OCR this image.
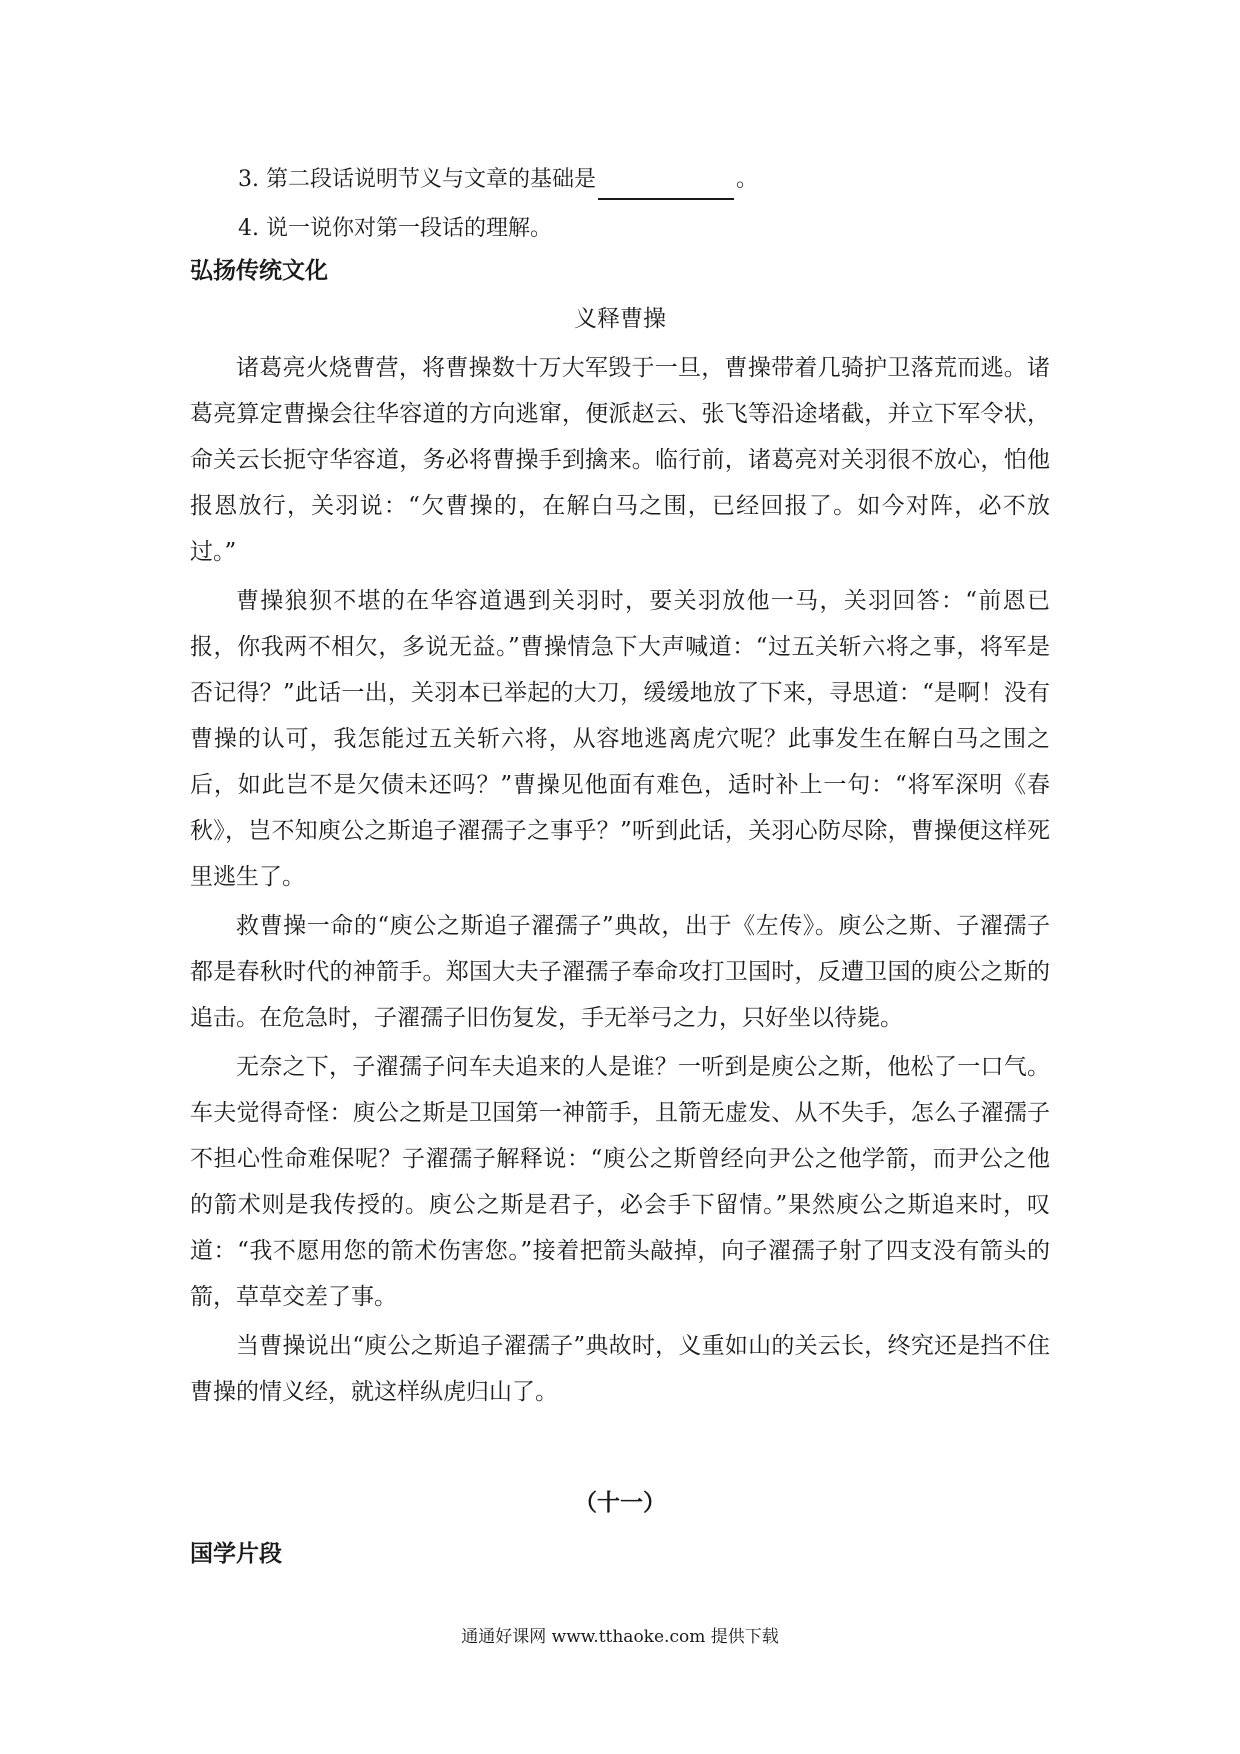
3. 第二段话说明节义与文章的基础是	。
4. 说一说你对第一段话的理解。
弘扬传统文化
义释曹操

诸葛亮火烧曹营，将曹操数十万大军毁于一旦，曹操带着几骑护卫落荒而逃。诸葛亮算定曹操会往华容道的方向逃窜，便派赵云、张飞等沿途堵截，并立下军令状，命关云长扼守华容道，务必将曹操手到擒来。临行前，诸葛亮对关羽很不放心，怕他报恩放行，关羽说：“欠曹操的，在解白马之围，已经回报了。如今对阵，必不放过。”

曹操狼狈不堪的在华容道遇到关羽时，要关羽放他一马，关羽回答：“前恩已报，你我两不相欠，多说无益。”曹操情急下大声喊道：“过五关斩六将之事，将军是否记得？”此话一出，关羽本已举起的大刀，缓缓地放了下来，寻思道：“是啊！没有曹操的认可，我怎能过五关斩六将，从容地逃离虎穴呢？此事发生在解白马之围之后，如此岂不是欠债未还吗？”曹操见他面有难色，适时补上一句：“将军深明《春秋》，岂不知庾公之斯追子濯孺子之事乎？”听到此话，关羽心防尽除，曹操便这样死里逃生了。

救曹操一命的“庾公之斯追子濯孺子”典故，出于《左传》。庾公之斯、子濯孺子都是春秋时代的神箭手。郑国大夫子濯孺子奉命攻打卫国时，反遭卫国的庾公之斯的追击。在危急时，子濯孺子旧伤复发，手无举弓之力，只好坐以待毙。

无奈之下，子濯孺子问车夫追来的人是谁？一听到是庾公之斯，他松了一口气。车夫觉得奇怪：庾公之斯是卫国第一神箭手，且箭无虚发、从不失手，怎么子濯孺子不担心性命难保呢？子濯孺子解释说：“庾公之斯曾经向尹公之他学箭，而尹公之他的箭术则是我传授的。庾公之斯是君子，必会手下留情。”果然庾公之斯追来时，叹道：“我不愿用您的箭术伤害您。”接着把箭头敲掉，向子濯孺子射了四支没有箭头的箭，草草交差了事。

当曹操说出“庾公之斯追子濯孺子”典故时，义重如山的关云长，终究还是挡不住曹操的情义经，就这样纵虎归山了。

（十一）
国学片段
通通好课网 www.tthaoke.com 提供下载
